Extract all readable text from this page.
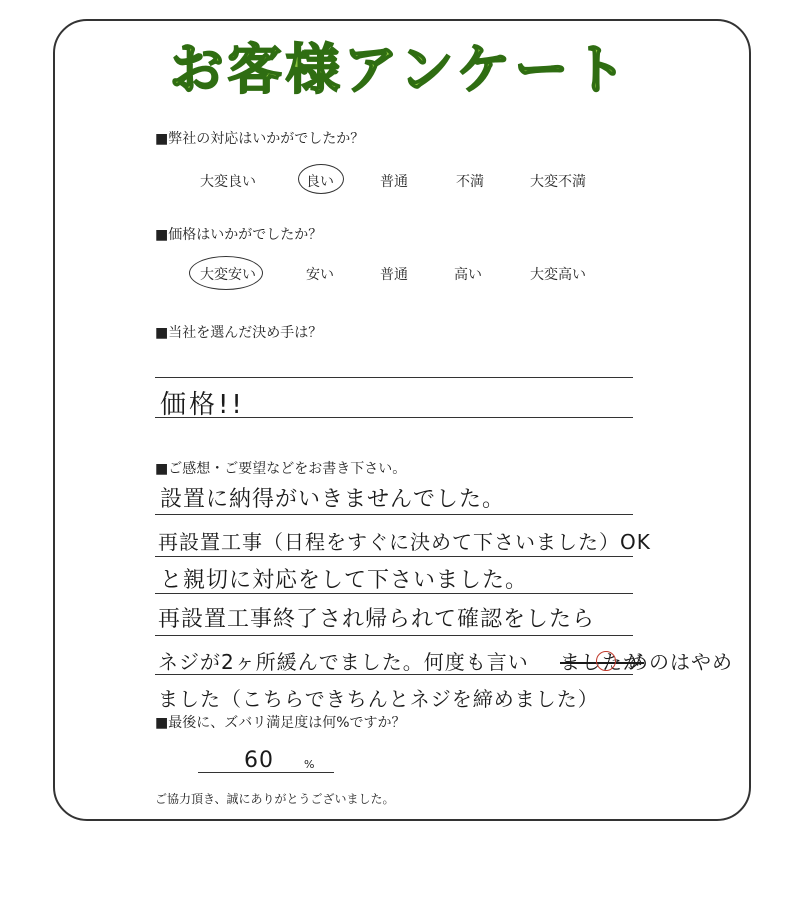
お客様アンケート
■弊社の対応はいかがでしたか？
大変良い	良い	普通	不満	大変不満
■価格はいかがでしたか？
大変安い	安い	普通	高い	大変高い
■当社を選んだ決め手は？
価格!!
■ご感想・ご要望などをお書き下さい。
設置に納得がいきませんでした。
再設置工事（日程をすぐに決めて下さいました）OK
と親切に対応をして下さいました。
再設置工事終了され帰られて確認をしたら
ネジが2ヶ所緩んでました。何度も言い ましたが
めのはやめ
ました（こちらできちんとネジを締めました）
■最後に、ズバリ満足度は何%ですか？
60	%
ご協力頂き、誠にありがとうございました。
